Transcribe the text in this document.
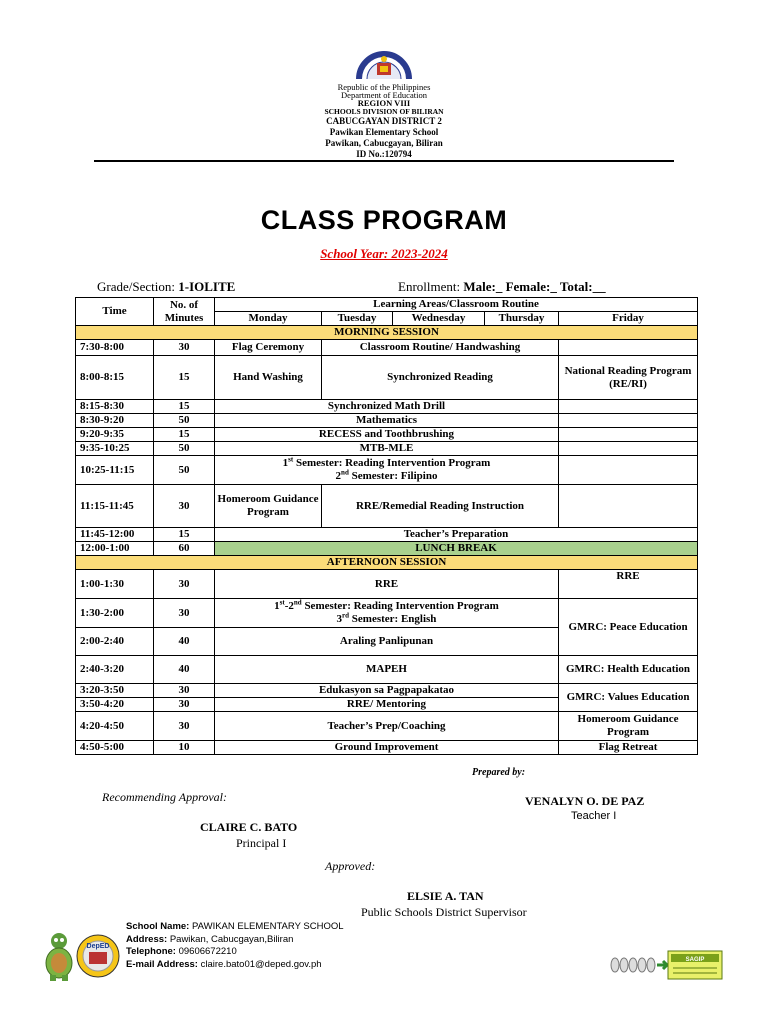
KAGAWARAN NG EDUKASYON
Republic of the Philippines
Department of Education
REGION VIII
SCHOOLS DIVISION OF BILIRAN
CABUCGAYAN DISTRICT 2
Pawikan Elementary School
Pawikan, Cabucgayan, Biliran
ID No.:120794
CLASS PROGRAM
School Year: 2023-2024
Grade/Section: 1-IOLITE	Enrollment: Male:_ Female:_ Total:__
Time	No. of Minutes	Learning Areas/Classroom Routine				
		Monday	Tuesday	Wednesday	Thursday	Friday
MORNING SESSION						
7:30-8:00	30	Flag Ceremony	Classroom Routine/ Handwashing			
8:00-8:15	15	Hand Washing	Synchronized Reading			National Reading Program (RE/RI)
8:15-8:30	15	Synchronized Math Drill				
8:30-9:20	50	Mathematics				
9:20-9:35	15	RECESS and Toothbrushing				
9:35-10:25	50	MTB-MLE				
10:25-11:15	50	1st Semester: Reading Intervention Program
2nd Semester: Filipino				
11:15-11:45	30	Homeroom Guidance Program	RRE/Remedial Reading Instruction			
11:45-12:00	15	Teacher’s Preparation				
12:00-1:00	60	LUNCH BREAK				
AFTERNOON SESSION						
1:00-1:30	30	RRE				RRE
1:30-2:00	30	1st-2nd Semester: Reading Intervention Program
3rd Semester: English				GMRC: Peace Education
2:00-2:40	40	Araling Panlipunan				
2:40-3:20	40	MAPEH				GMRC: Health Education
3:20-3:50	30	Edukasyon sa Pagpapakatao				GMRC: Values Education
3:50-4:20	30	RRE/ Mentoring				
4:20-4:50	30	Teacher’s Prep/Coaching				Homeroom Guidance Program
4:50-5:00	10	Ground Improvement				Flag Retreat
Prepared by:
VENALYN O. DE PAZ
Teacher I
Recommending Approval:
CLAIRE C. BATO
Principal I
Approved:
ELSIE A. TAN
Public Schools District Supervisor
DepED
School Name: PAWIKAN ELEMENTARY SCHOOL
Address: Pawikan, Cabucgayan,Biliran
Telephone: 09606672210
E-mail Address: claire.bato01@deped.gov.ph	SAGIP
